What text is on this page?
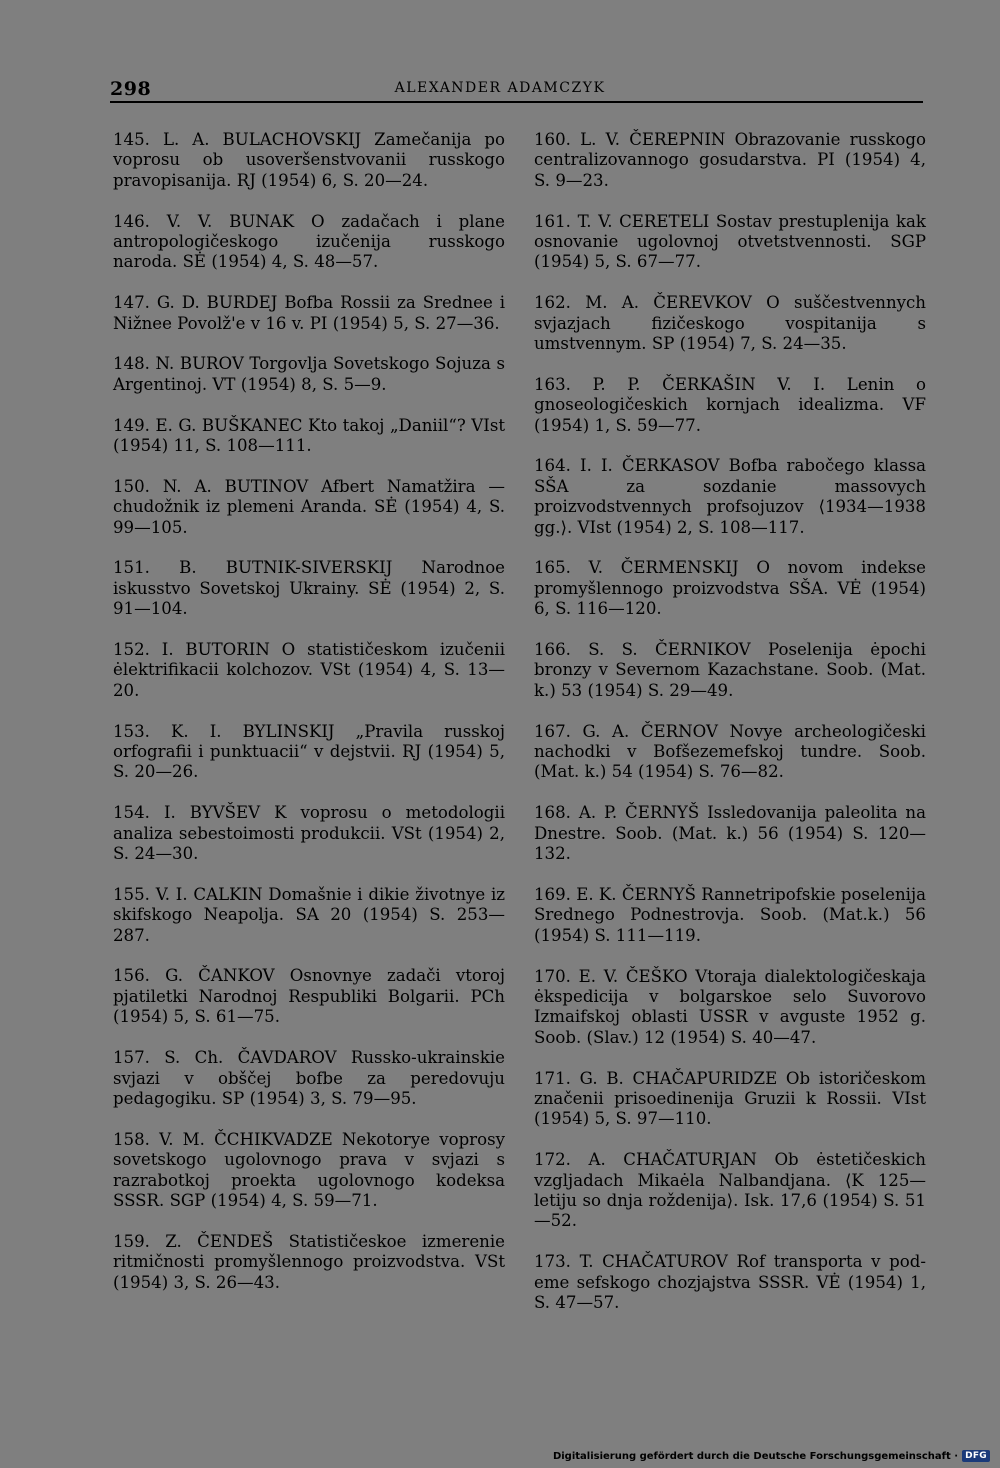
298	ALEXANDER ADAMCZYK

145. L. A. BULACHOVSKIJ Zamečanija po voprosu ob usoveršenstvovanii russkogo pravopisanija. RJ (1954) 6, S. 20—24.

146. V. V. BUNAK O zadačach i plane antropologičeskogo izučenija russkogo naroda. SĖ (1954) 4, S. 48—57.

147. G. D. BURDEJ Bofba Rossii za Srednee i Nižnee Povolž'e v 16 v. PI (1954) 5, S. 27—36.

148. N. BUROV Torgovlja Sovetskogo Sojuza s Argentinoj. VT (1954) 8, S. 5—9.

149. E. G. BUŠKANEC Kto takoj „Daniil“? VIst (1954) 11, S. 108—111.

150. N. A. BUTINOV Afbert Namatžira — chudožnik iz plemeni Aranda. SĖ (1954) 4, S. 99—105.

151. B. BUTNIK-SIVERSKIJ Narodnoe iskusstvo Sovetskoj Ukrainy. SĖ (1954) 2, S. 91—104.

152. I. BUTORIN O statističeskom izučenii ėlektrifikacii kolchozov. VSt (1954) 4, S. 13—20.

153. K. I. BYLINSKIJ „Pravila russkoj orfografii i punktuacii“ v dejstvii. RJ (1954) 5, S. 20—26.

154. I. BYVŠEV K voprosu o metodologii analiza sebestoimosti produkcii. VSt (1954) 2, S. 24—30.

155. V. I. CALKIN Domašnie i dikie životnye iz skifskogo Neapolja. SA 20 (1954) S. 253—287.

156. G. ČANKOV Osnovnye zadači vtoroj pjatiletki Narodnoj Respubliki Bolgarii. PCh (1954) 5, S. 61—75.

157. S. Ch. ČAVDAROV Russko-ukrainskie svjazi v obščej bofbe za peredovuju pedagogiku. SP (1954) 3, S. 79—95.

158. V. M. ČCHIKVADZE Nekotorye voprosy sovetskogo ugolovnogo prava v svjazi s razrabotkoj proekta ugolovnogo kodeksa SSSR. SGP (1954) 4, S. 59—71.

159. Z. ČENDEŠ Statističeskoe izmerenie ritmičnosti promyšlennogo proizvodstva. VSt (1954) 3, S. 26—43.

160. L. V. ČEREPNIN Obrazovanie russkogo centralizovannogo gosudarstva. PI (1954) 4, S. 9—23.

161. T. V. CERETELI Sostav prestuplenija kak osnovanie ugolovnoj otvetstvennosti. SGP (1954) 5, S. 67—77.

162. M. A. ČEREVKOV O suščestvennych svjazjach fizičeskogo vospitanija s umstvennym. SP (1954) 7, S. 24—35.

163. P. P. ČERKAŠIN V. I. Lenin o gnoseologičeskich kornjach idealizma. VF (1954) 1, S. 59—77.

164. I. I. ČERKASOV Bofba rabočego klassa SŠA za sozdanie massovych proizvodstvennych profsojuzov ⟨1934—1938 gg.⟩. VIst (1954) 2, S. 108—117.

165. V. ČERMENSKIJ O novom indekse promyšlennogo proizvodstva SŠA. VĖ (1954) 6, S. 116—120.

166. S. S. ČERNIKOV Poselenija ėpochi bronzy v Severnom Kazachstane. Soob. (Mat. k.) 53 (1954) S. 29—49.

167. G. A. ČERNOV Novye archeologičeski nachodki v Bofšezemefskoj tundre. Soob. (Mat. k.) 54 (1954) S. 76—82.

168. A. P. ČERNYŠ Issledovanija paleolita na Dnestre. Soob. (Mat. k.) 56 (1954) S. 120—132.

169. E. K. ČERNYŠ Rannetripofskie poselenija Srednego Podnestrovja. Soob. (Mat.k.) 56 (1954) S. 111—119.

170. E. V. ČEŠKO Vtoraja dialektologičeskaja ėkspedicija v bolgarskoe selo Suvorovo Izmaifskoj oblasti USSR v avguste 1952 g. Soob. (Slav.) 12 (1954) S. 40—47.

171. G. B. CHAČAPURIDZE Ob istoričeskom značenii prisoedinenija Gruzii k Rossii. VIst (1954) 5, S. 97—110.

172. A. CHAČATURJAN Ob ėstetičeskich vzgljadach Mikaėla Nalbandjana. ⟨K 125—letiju so dnja roždenija⟩. Isk. 17,6 (1954) S. 51—52.

173. T. CHAČATUROV Rof transporta v pod-eme sefskogo chozjajstva SSSR. VĖ (1954) 1, S. 47—57.

Digitalisierung gefördert durch die Deutsche Forschungsgemeinschaft · DFG
